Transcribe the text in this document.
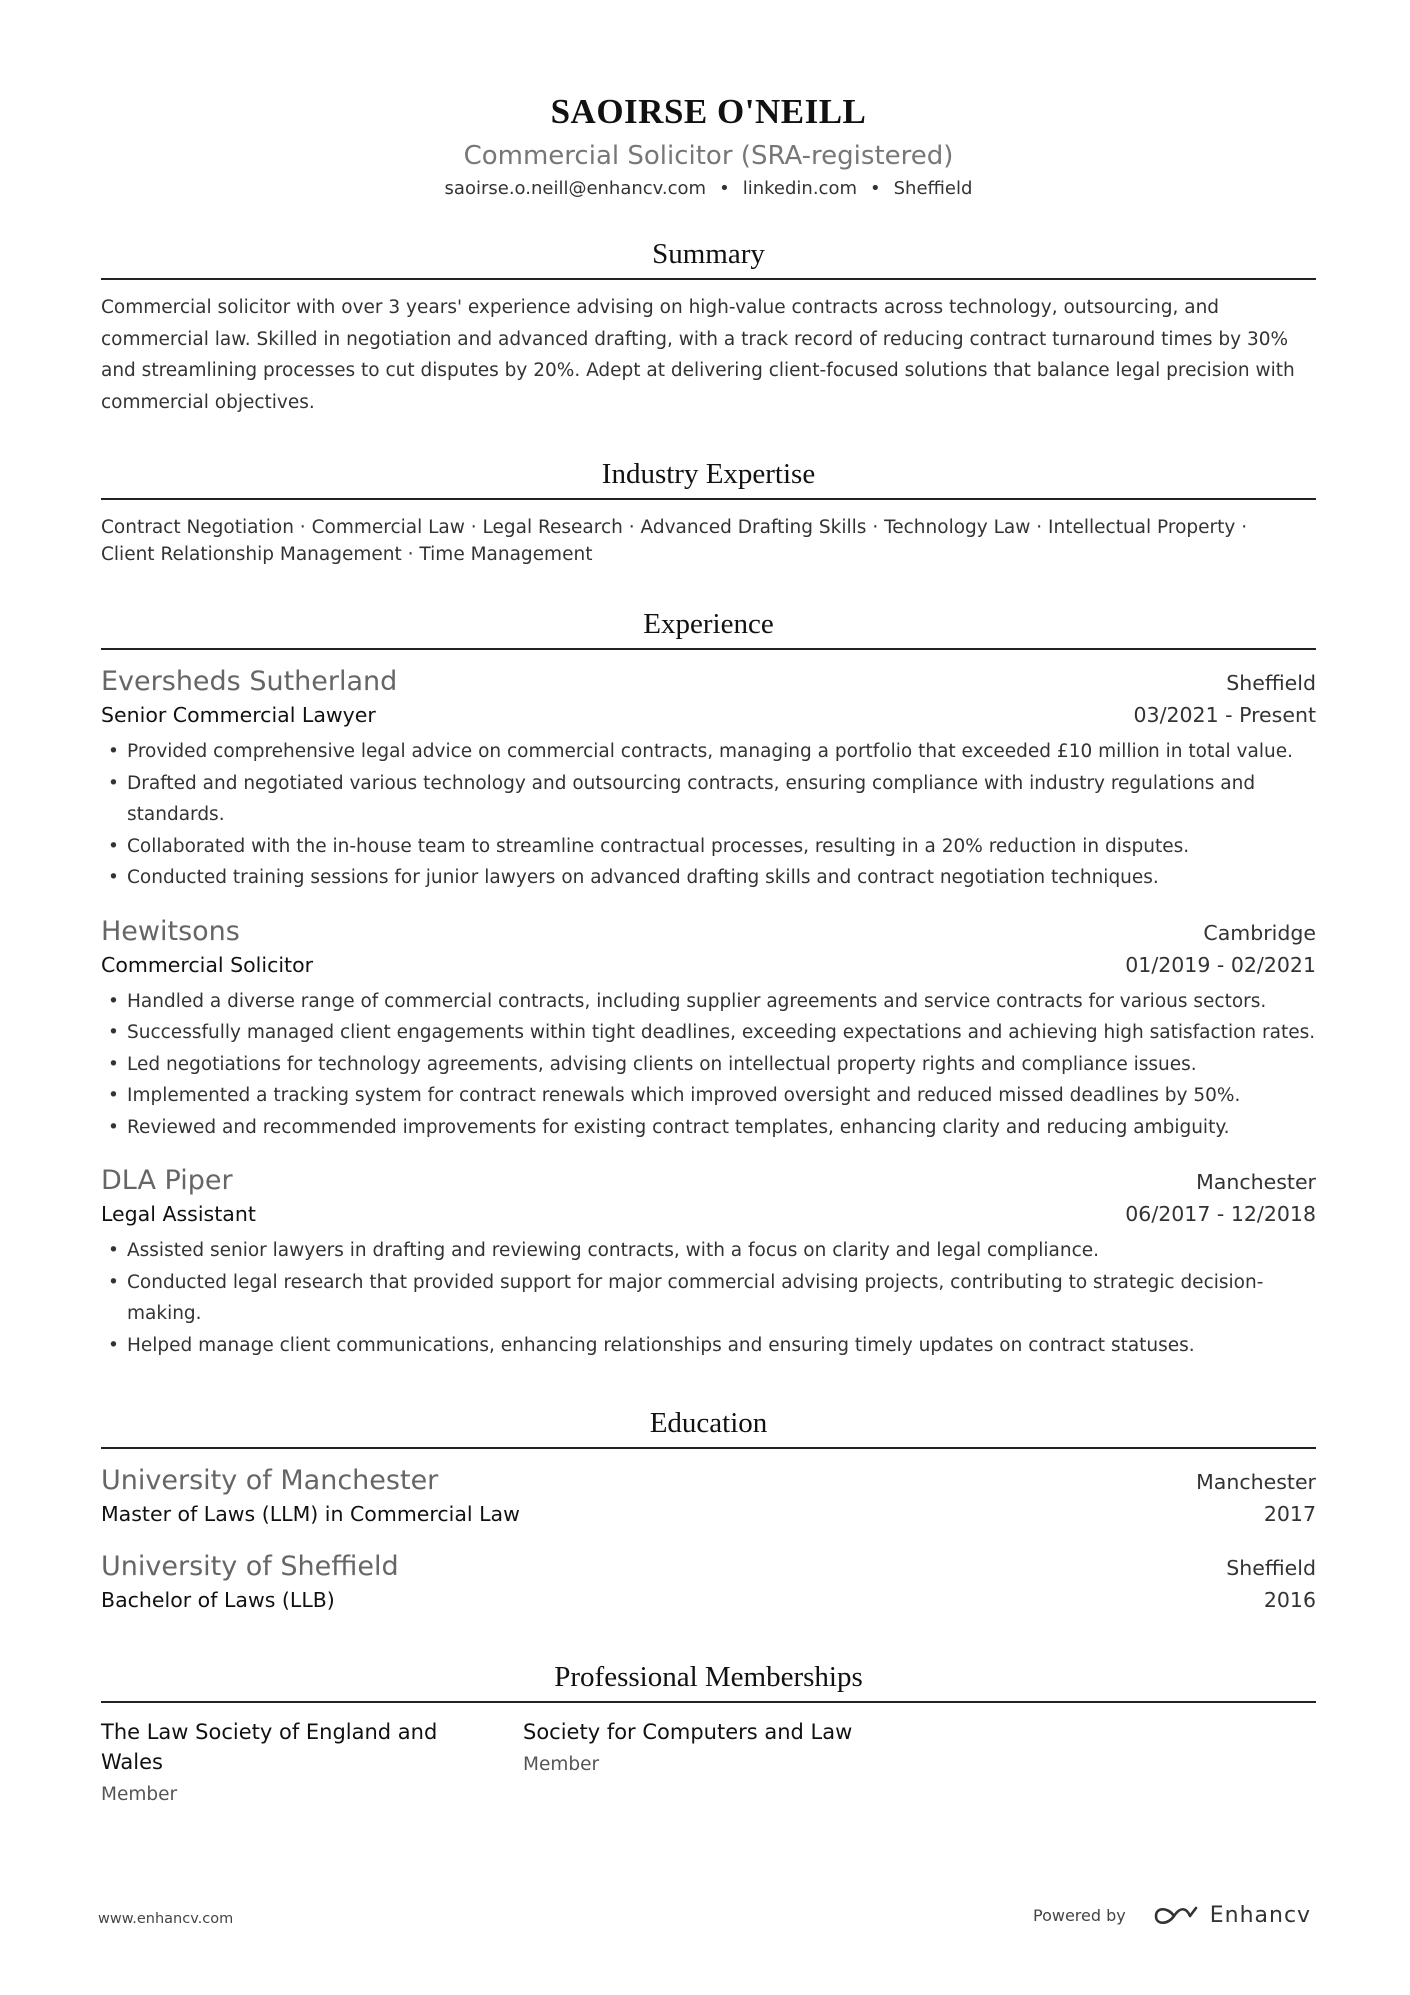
SAOIRSE O'NEILL
Commercial Solicitor (SRA-registered)
saoirse.o.neill@enhancv.com • linkedin.com • Sheffield
Summary
Commercial solicitor with over 3 years' experience advising on high-value contracts across technology, outsourcing, and commercial law. Skilled in negotiation and advanced drafting, with a track record of reducing contract turnaround times by 30% and streamlining processes to cut disputes by 20%. Adept at delivering client-focused solutions that balance legal precision with commercial objectives.
Industry Expertise
Contract Negotiation · Commercial Law · Legal Research · Advanced Drafting Skills · Technology Law · Intellectual Property ·
Client Relationship Management · Time Management
Experience
Eversheds Sutherland	Sheffield
Senior Commercial Lawyer	03/2021 - Present
• Provided comprehensive legal advice on commercial contracts, managing a portfolio that exceeded £10 million in total value.
• Drafted and negotiated various technology and outsourcing contracts, ensuring compliance with industry regulations and standards.
• Collaborated with the in-house team to streamline contractual processes, resulting in a 20% reduction in disputes.
• Conducted training sessions for junior lawyers on advanced drafting skills and contract negotiation techniques.
Hewitsons	Cambridge
Commercial Solicitor	01/2019 - 02/2021
• Handled a diverse range of commercial contracts, including supplier agreements and service contracts for various sectors.
• Successfully managed client engagements within tight deadlines, exceeding expectations and achieving high satisfaction rates.
• Led negotiations for technology agreements, advising clients on intellectual property rights and compliance issues.
• Implemented a tracking system for contract renewals which improved oversight and reduced missed deadlines by 50%.
• Reviewed and recommended improvements for existing contract templates, enhancing clarity and reducing ambiguity.
DLA Piper	Manchester
Legal Assistant	06/2017 - 12/2018
• Assisted senior lawyers in drafting and reviewing contracts, with a focus on clarity and legal compliance.
• Conducted legal research that provided support for major commercial advising projects, contributing to strategic decision-making.
• Helped manage client communications, enhancing relationships and ensuring timely updates on contract statuses.
Education
University of Manchester	Manchester
Master of Laws (LLM) in Commercial Law	2017
University of Sheffield	Sheffield
Bachelor of Laws (LLB)	2016
Professional Memberships
The Law Society of England and Wales
Member
Society for Computers and Law
Member
www.enhancv.com	Powered by	Enhancv
